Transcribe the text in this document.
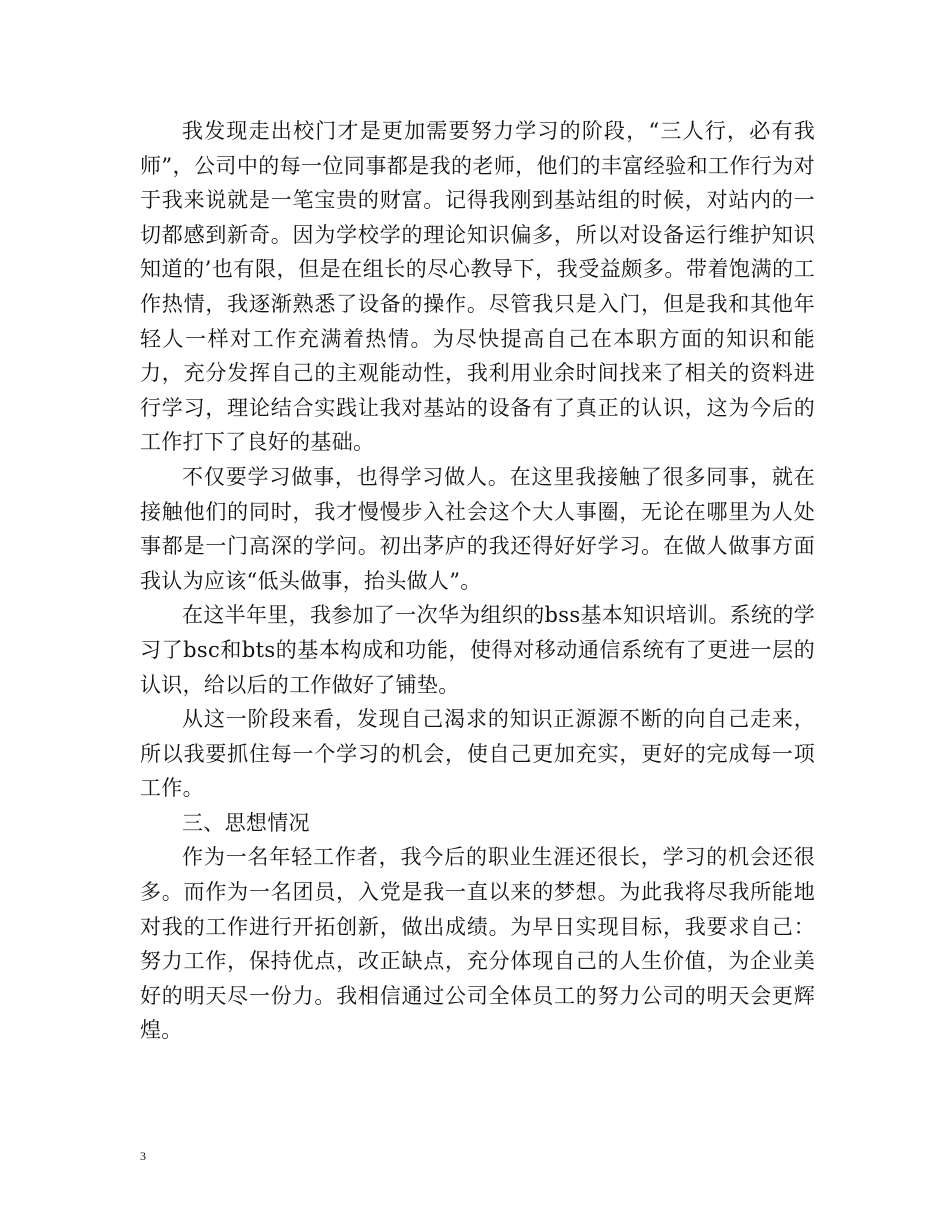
我发现走出校门才是更加需要努力学习的阶段，“三人行，必有我师”，公司中的每一位同事都是我的老师，他们的丰富经验和工作行为对于我来说就是一笔宝贵的财富。记得我刚到基站组的时候，对站内的一切都感到新奇。因为学校学的理论知识偏多，所以对设备运行维护知识知道的’也有限，但是在组长的尽心教导下，我受益颇多。带着饱满的工作热情，我逐渐熟悉了设备的操作。尽管我只是入门，但是我和其他年轻人一样对工作充满着热情。为尽快提高自己在本职方面的知识和能力，充分发挥自己的主观能动性，我利用业余时间找来了相关的资料进行学习，理论结合实践让我对基站的设备有了真正的认识，这为今后的工作打下了良好的基础。

不仅要学习做事，也得学习做人。在这里我接触了很多同事，就在接触他们的同时，我才慢慢步入社会这个大人事圈，无论在哪里为人处事都是一门高深的学问。初出茅庐的我还得好好学习。在做人做事方面我认为应该“低头做事，抬头做人”。

在这半年里，我参加了一次华为组织的bss基本知识培训。系统的学习了bsc和bts的基本构成和功能，使得对移动通信系统有了更进一层的认识，给以后的工作做好了铺垫。

从这一阶段来看，发现自己渴求的知识正源源不断的向自己走来，所以我要抓住每一个学习的机会，使自己更加充实，更好的完成每一项工作。

三、思想情况

作为一名年轻工作者，我今后的职业生涯还很长，学习的机会还很多。而作为一名团员，入党是我一直以来的梦想。为此我将尽我所能地对我的工作进行开拓创新，做出成绩。为早日实现目标，我要求自己：努力工作，保持优点，改正缺点，充分体现自己的人生价值，为企业美好的明天尽一份力。我相信通过公司全体员工的努力公司的明天会更辉煌。

3
